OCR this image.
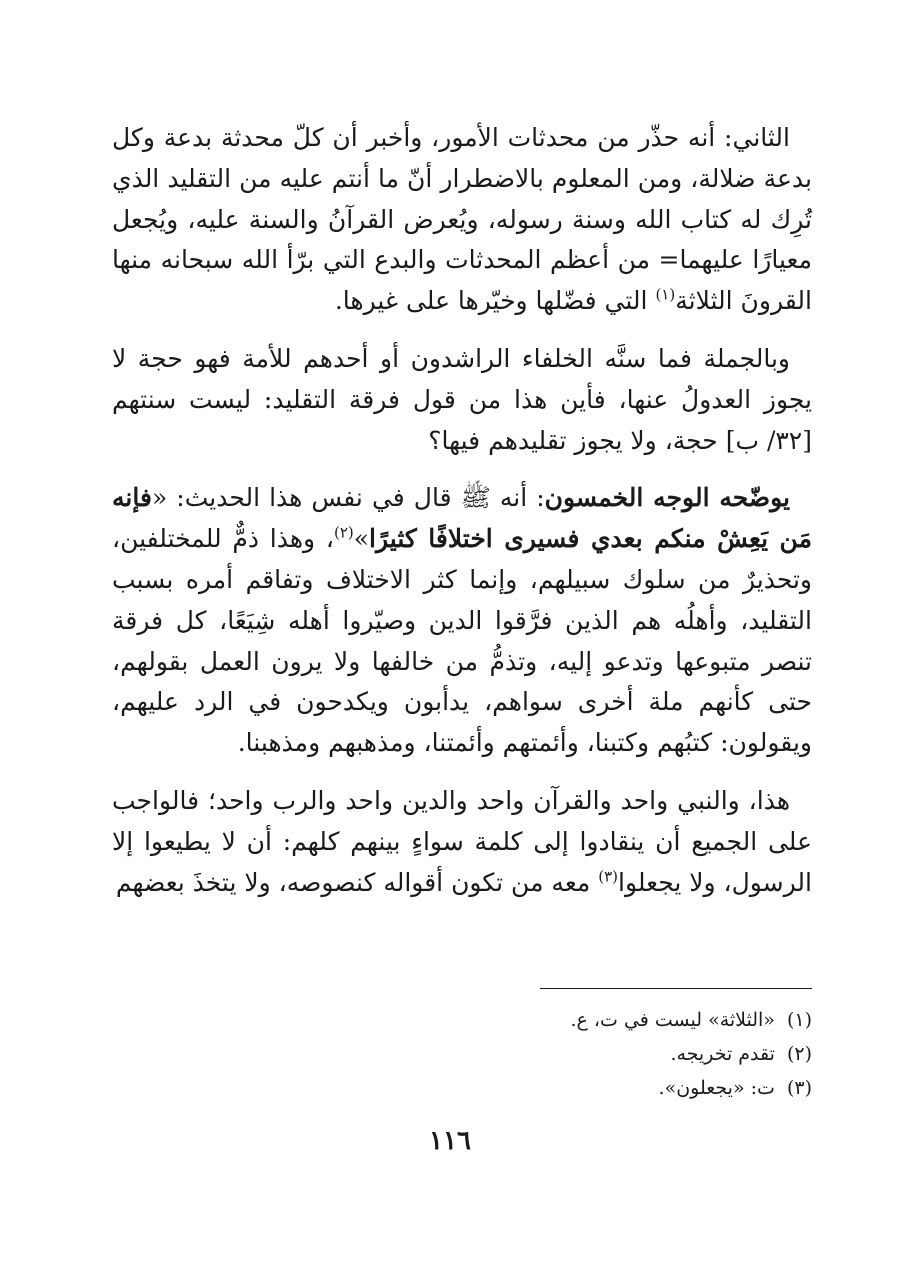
الثاني: أنه حذّر من محدثات الأمور، وأخبر أن كلّ محدثة بدعة وكل بدعة ضلالة، ومن المعلوم بالاضطرار أنّ ما أنتم عليه من التقليد الذي تُرِك له كتاب الله وسنة رسوله، ويُعرض القرآنُ والسنة عليه، ويُجعل معيارًا عليهما= من أعظم المحدثات والبدع التي برّأ الله سبحانه منها القرونَ الثلاثة$^{(١)}$ التي فضّلها وخيّرها على غيرها.

وبالجملة فما سنَّه الخلفاء الراشدون أو أحدهم للأمة فهو حجة لا يجوز العدولُ عنها، فأين هذا من قول فرقة التقليد: ليست سنتهم [٣٢/ ب] حجة، ولا يجوز تقليدهم فيها؟

يوضّحه الوجه الخمسون: أنه ﷺ قال في نفس هذا الحديث: «فإنه مَن يَعِشْ منكم بعدي فسيرى اختلافًا كثيرًا»$^{(٢)}$، وهذا ذمٌّ للمختلفين، وتحذيرٌ من سلوك سبيلهم، وإنما كثر الاختلاف وتفاقم أمره بسبب التقليد، وأهلُه هم الذين فرَّقوا الدين وصيّروا أهله شِيَعًا، كل فرقة تنصر متبوعها وتدعو إليه، وتذمُّ من خالفها ولا يرون العمل بقولهم، حتى كأنهم ملة أخرى سواهم، يدأبون ويكدحون في الرد عليهم، ويقولون: كتبُهم وكتبنا، وأئمتهم وأئمتنا، ومذهبهم ومذهبنا.

هذا، والنبي واحد والقرآن واحد والدين واحد والرب واحد؛ فالواجب على الجميع أن ينقادوا إلى كلمة سواءٍ بينهم كلهم: أن لا يطيعوا إلا الرسول، ولا يجعلوا$^{(٣)}$ معه من تكون أقواله كنصوصه، ولا يتخذَ بعضهم

(١)«الثلاثة» ليست في ت، ع.
(٢)تقدم تخريجه.
(٣)ت: «يجعلون».
١١٦
